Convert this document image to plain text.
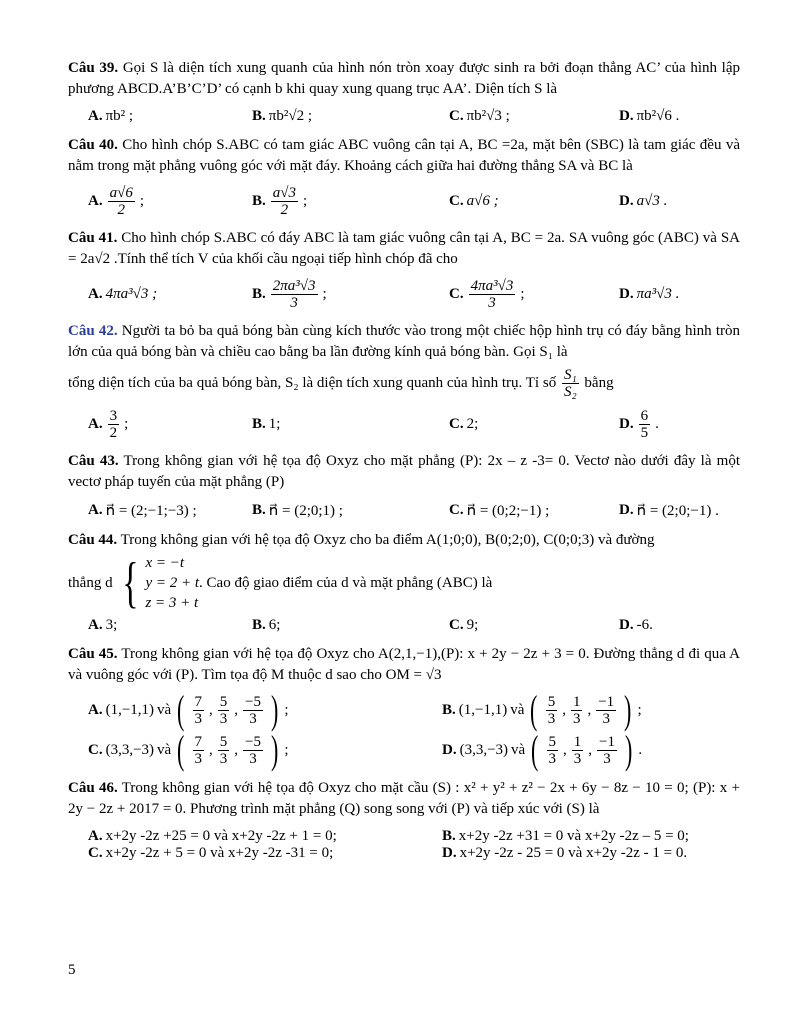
Câu 39. Gọi S là diện tích xung quanh của hình nón tròn xoay được sinh ra bởi đoạn thẳng AC’ của hình lập phương ABCD.A’B’C’D’ có cạnh b khi quay xung quang trục AA’. Diện tích S là

A. πb² ;	B. πb²√2 ;	C. πb²√3 ;	D. πb²√6 .

Câu 40. Cho hình chóp S.ABC có tam giác ABC vuông cân tại A, BC =2a, mặt bên (SBC) là tam giác đều và nằm trong mặt phẳng vuông góc với mặt đáy. Khoảng cách giữa hai đường thẳng SA và BC là

A. $\frac{a√6}{2}$ ;	B. $\frac{a√3}{2}$ ;	C. a√6 ;	D. a√3 .

Câu 41. Cho hình chóp S.ABC có đáy ABC là tam giác vuông cân tại A, BC = 2a. SA vuông góc (ABC) và SA = 2a√2 .Tính thể tích V của khối cầu ngoại tiếp hình chóp đã cho

A. 4πa³√3 ;	B. $\frac{\text{2πa³√3}}{3}$ ;	C. $\frac{\text{4πa³√3}}{3}$ ;	D. πa³√3 .

Câu 42. Người ta bỏ ba quả bóng bàn cùng kích thước vào trong một chiếc hộp hình trụ có đáy bằng hình tròn lớn của quả bóng bàn và chiều cao bằng ba lần đường kính quả bóng bàn. Gọi S₁ là

tổng diện tích của ba quả bóng bàn, S₂ là diện tích xung quanh của hình trụ. Tỉ số $\frac{\text{S₁}}{\text{S₂}}$ bằng

A. $\frac{3}{2}$ ;	B. 1;	C. 2;	D. $\frac{6}{5}$ .

Câu 43. Trong không gian với hệ tọa độ Oxyz cho mặt phẳng (P): 2x – z -3= 0. Vectơ nào dưới đây là một vectơ pháp tuyến của mặt phẳng (P)

A. n⃗ = (2;−1;−3) ;	B. n⃗ = (2;0;1) ;	C. n⃗ = (0;2;−1) ;	D. n⃗ = (2;0;−1) .

Câu 44. Trong không gian với hệ tọa độ Oxyz cho ba điểm A(1;0;0), B(0;2;0), C(0;0;3) và đường

thẳng d { x = −t
y = 2 + t
z = 3 + t
. Cao độ giao điểm của d và mặt phẳng (ABC) là
A. 3;	B. 6;	C. 9;	D. -6.

Câu 45. Trong không gian với hệ tọa độ Oxyz cho A(2,1,−1),(P): x + 2y − 2z + 3 = 0. Đường thẳng d đi qua A và vuông góc với (P). Tìm tọa độ M thuộc d sao cho OM = √3

A. (1,−1,1) và ( $\frac{7}{3}$ , $\frac{5}{3}$ , $\frac{-5}{3}$ ) ;	B. (1,−1,1) và ( $\frac{5}{3}$ , $\frac{1}{3}$ , $\frac{-1}{3}$ ) ;
C. (3,3,−3) và ( $\frac{7}{3}$ , $\frac{5}{3}$ , $\frac{-5}{3}$ ) ;	D. (3,3,−3) và ( $\frac{5}{3}$ , $\frac{1}{3}$ , $\frac{-1}{3}$ ) .

Câu 46. Trong không gian với hệ tọa độ Oxyz cho mặt cầu (S) : x² + y² + z² − 2x + 6y − 8z − 10 = 0; (P): x + 2y − 2z + 2017 = 0. Phương trình mặt phẳng (Q) song song với (P) và tiếp xúc với (S) là

A. x+2y -2z +25 = 0 và x+2y -2z + 1 = 0;	B. x+2y -2z +31 = 0 và x+2y -2z – 5 = 0;
C. x+2y -2z + 5 = 0 và x+2y -2z -31 = 0;	D. x+2y -2z - 25 = 0 và x+2y -2z - 1 = 0.
5
